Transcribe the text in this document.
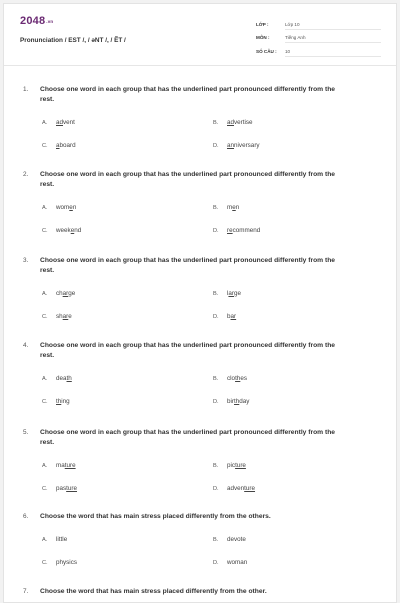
$2048^{.vn}$
Pronunciation / EST /, / əNT /, / ẼT /
LỚP :	Lớp 10
MÔN :	Tiếng Anh
SỐ CÂU : 10
1. Choose one word in each group that has the underlined part pronounced differently from the rest.
A. advent	B. advertise
C. aboard	D. anniversary
2. Choose one word in each group that has the underlined part pronounced differently from the rest.
A. women	B. men
C. weekend	D. recommend
3. Choose one word in each group that has the underlined part pronounced differently from the rest.
A. charge	B. large
C. share	D. bar
4. Choose one word in each group that has the underlined part pronounced differently from the rest.
A. death	B. clothes
C. thing	D. birthday
5. Choose one word in each group that has the underlined part pronounced differently from the rest.
A. mature	B. picture
C. pasture	D. adventure
6. Choose the word that has main stress placed differently from the others.
A. little	B. devote
C. physics	D. woman
7. Choose the word that has main stress placed differently from the other.
